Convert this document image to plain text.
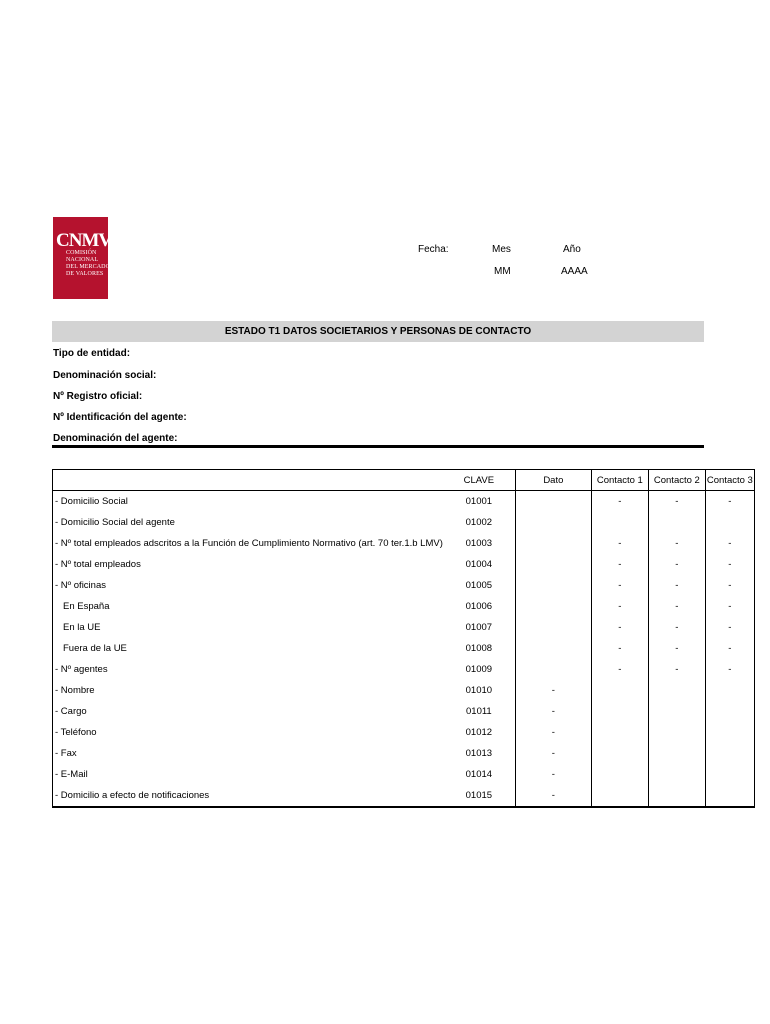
CNMV
COMISIÓN
NACIONAL
DEL MERCADO
DE VALORES
Fecha:	Mes	Año
MM	AAAA
ESTADO T1 DATOS SOCIETARIOS Y PERSONAS DE CONTACTO
Tipo de entidad:
Denominación social:
Nº Registro oficial:
Nº Identificación del agente:
Denominación del agente:
	CLAVE	Dato	Contacto 1	Contacto 2	Contacto 3
- Domicilio Social	01001		-	-	-
- Domicilio Social del agente	01002				
- Nº total empleados adscritos a la Función de Cumplimiento Normativo (art. 70 ter.1.b LMV)	01003		-	-	-
- Nº total empleados	01004		-	-	-
- Nº oficinas	01005		-	-	-
En España	01006		-	-	-
En la UE	01007		-	-	-
Fuera de la UE	01008		-	-	-
- Nº agentes	01009		-	-	-
- Nombre	01010	-			
- Cargo	01011	-			
- Teléfono	01012	-			
- Fax	01013	-			
- E-Mail	01014	-			
- Domicilio a efecto de notificaciones	01015	-			
